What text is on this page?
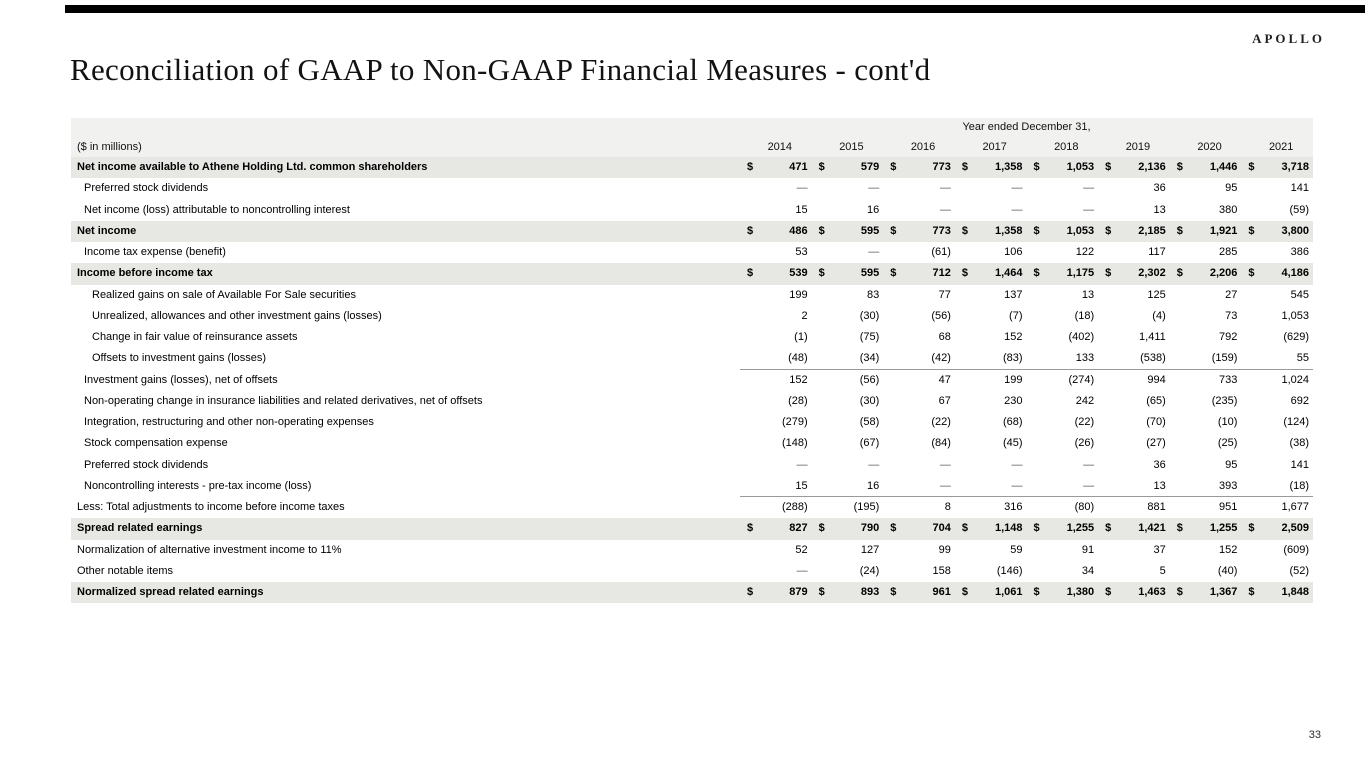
APOLLO
Reconciliation of GAAP to Non-GAAP Financial Measures - cont'd
Year ended December 31,
($ in millions)	2014	2015	2016	2017	2018	2019	2020	2021
Net income available to Athene Holding Ltd. common shareholders	$	471 $	579 $	773 $	1,358 $	1,053 $	2,136 $	1,446 $	3,718
Preferred stock dividends	—	—	—	—	—	36	95	141
Net income (loss) attributable to noncontrolling interest	15	16	—	—	—	13	380	(59)
Net income	$	486 $	595 $	773 $	1,358 $	1,053 $	2,185 $	1,921 $	3,800
Income tax expense (benefit)	53	—	(61)	106	122	117	285	386
Income before income tax	$	539 $	595 $	712 $	1,464 $	1,175 $	2,302 $	2,206 $	4,186
Realized gains on sale of Available For Sale securities	199	83	77	137	13	125	27	545
Unrealized, allowances and other investment gains (losses)	2	(30)	(56)	(7)	(18)	(4)	73	1,053
Change in fair value of reinsurance assets	(1)	(75)	68	152	(402)	1,411	792	(629)
Offsets to investment gains (losses)	(48)	(34)	(42)	(83)	133	(538)	(159)	55
Investment gains (losses), net of offsets	152	(56)	47	199	(274)	994	733	1,024
Non-operating change in insurance liabilities and related derivatives, net of offsets	(28)	(30)	67	230	242	(65)	(235)	692
Integration, restructuring and other non-operating expenses	(279)	(58)	(22)	(68)	(22)	(70)	(10)	(124)
Stock compensation expense	(148)	(67)	(84)	(45)	(26)	(27)	(25)	(38)
Preferred stock dividends	—	—	—	—	—	36	95	141
Noncontrolling interests - pre-tax income (loss)	15	16	—	—	—	13	393	(18)
Less: Total adjustments to income before income taxes	(288)	(195)	8	316	(80)	881	951	1,677
Spread related earnings	$	827 $	790 $	704 $	1,148 $	1,255 $	1,421 $	1,255 $	2,509
Normalization of alternative investment income to 11%	52	127	99	59	91	37	152	(609)
Other notable items	—	(24)	158	(146)	34	5	(40)	(52)
Normalized spread related earnings	$	879 $	893 $	961 $	1,061 $	1,380 $	1,463 $	1,367 $	1,848
33
